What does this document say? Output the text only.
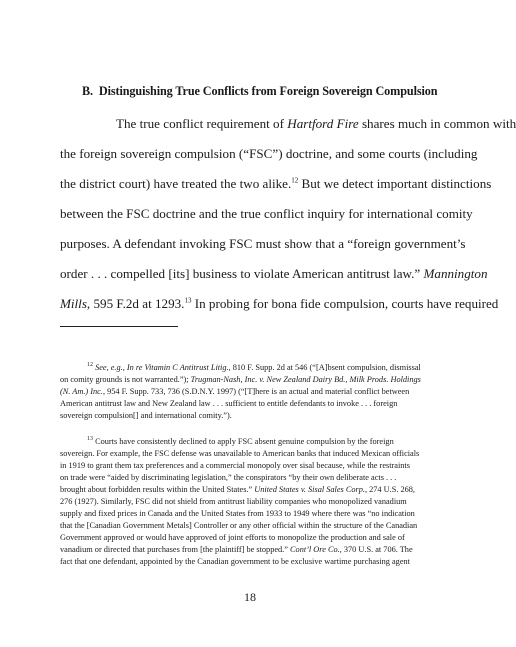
B.  Distinguishing True Conflicts from Foreign Sovereign Compulsion
The true conflict requirement of Hartford Fire shares much in common with
the foreign sovereign compulsion (“FSC”) doctrine, and some courts (including
the district court) have treated the two alike.$^{12}$ But we detect important distinctions
between the FSC doctrine and the true conflict inquiry for international comity
purposes. A defendant invoking FSC must show that a “foreign government’s
order . . . compelled [its] business to violate American antitrust law.” Mannington
Mills, 595 F.2d at 1293.13 In probing for bona fide compulsion, courts have required
$^{12}$ See, e.g., In re Vitamin C Antitrust Litig., 810 F. Supp. 2d at 546 (“[A]bsent compulsion, dismissal
on comity grounds is not warranted.”); Trugman-Nash, Inc. v. New Zealand Dairy Bd., Milk Prods. Holdings
(N. Am.) Inc., 954 F. Supp. 733, 736 (S.D.N.Y. 1997) (“[T]here is an actual and material conflict between
American antitrust law and New Zealand law . . . sufficient to entitle defendants to invoke . . . foreign
sovereign compulsion[] and international comity.”).
$^{13}$ Courts have consistently declined to apply FSC absent genuine compulsion by the foreign
sovereign. For example, the FSC defense was unavailable to American banks that induced Mexican officials
in 1919 to grant them tax preferences and a commercial monopoly over sisal because, while the restraints
on trade were “aided by discriminating legislation,” the conspirators “by their own deliberate acts . . .
brought about forbidden results within the United States.” United States v. Sisal Sales Corp., 274 U.S. 268,
276 (1927). Similarly, FSC did not shield from antitrust liability companies who monopolized vanadium
supply and fixed prices in Canada and the United States from 1933 to 1949 where there was “no indication
that the [Canadian Government Metals] Controller or any other official within the structure of the Canadian
Government approved or would have approved of joint efforts to monopolize the production and sale of
vanadium or directed that purchases from [the plaintiff] be stopped.” Cont’l Ore Co., 370 U.S. at 706. The
fact that one defendant, appointed by the Canadian government to be exclusive wartime purchasing agent
18
